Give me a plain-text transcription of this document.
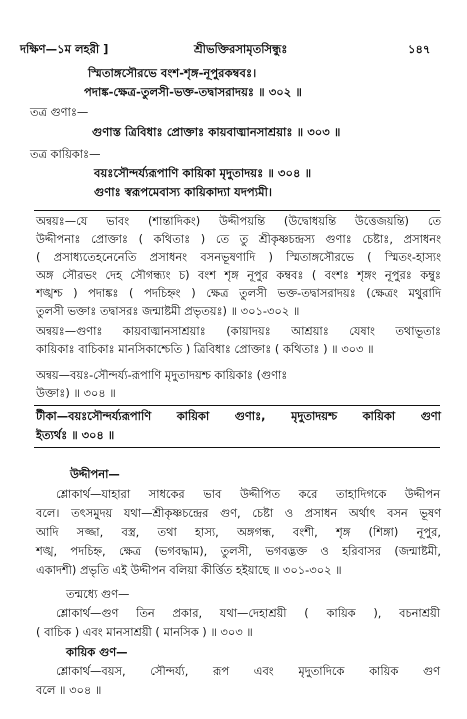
দক্ষিণ—১ম লহরী ]	শ্রীভক্তিরসামৃতসিন্ধুঃ	১৪৭
স্মিতাঙ্গসৌরভে বংশ-শৃঙ্গ-নূপুরকম্ববঃ।
পদাঙ্ক-ক্ষেত্র-তুলসী-ভক্ত-তদ্বাসরাদয়ঃ ॥ ৩০২ ॥
তত্র গুণাঃ—
গুণাস্ত ত্রিবিধাঃ প্রোক্তাঃ কায়বাঙ্মানসাশ্রয়াঃ ॥ ৩০৩ ॥
তত্র কায়িকাঃ—
বয়ঃসৌন্দর্য্যরূপাণি কায়িকা মৃদুতাদয়ঃ ॥ ৩০৪ ॥
গুণাঃ স্বরূপমেবাস্য কায়িকাদ্যা যদপ্যমী।
অন্বয়ঃ—যে ভাবং (শান্তাদিকং) উদ্দীপয়ন্তি (উদ্বোধয়ন্তি উত্তেজয়ন্তি) তে
উদ্দীপনাঃ প্রোক্তাঃ ( কথিতাঃ ) তে তু শ্রীকৃষ্ণচন্দ্রস্য গুণাঃ চেষ্টাঃ, প্রসাধনং
( প্রসাধ্যতেহনেনেতি প্রসাধনং বসনভূষণাদি ) স্মিতাঙ্গসৌরভে ( স্মিতং-হাস্যং
অঙ্গ সৌরভং দেহ সৌগন্ধ্যং চ) বংশ শৃঙ্গ নূপুর কম্ববঃ ( বংশঃ শৃঙ্গং নূপুরঃ কম্বুঃ
শঙ্খশ্চ ) পদাঙ্কঃ ( পদচিহ্নং ) ক্ষেত্র তুলসী ভক্ত-তদ্বাসরাদয়ঃ (ক্ষেত্রং মথুরাদি
তুলসী ভক্তাঃ তদ্বাসরঃ জন্মাষ্টমী প্রভৃতয়ঃ) ॥ ৩০১-৩০২ ॥
অন্বয়ঃ—গুণাঃ কায়বাঙ্মানসাশ্রয়াঃ (কায়াদয়ঃ আশ্রয়াঃ যেষাং তথাভূতাঃ
কায়িকাঃ বাচিকাঃ মানসিকাশ্চেতি ) ত্রিবিধাঃ প্রোক্তাঃ ( কথিতাঃ ) ॥ ৩০৩ ॥
অন্বয়—বয়ঃ-সৌন্দর্য্য-রূপাণি মৃদুতাদয়শ্চ কায়িকাঃ (গুণাঃ
উক্তাঃ) ॥ ৩০৪ ॥
টীকা—বয়ঃসৌন্দর্য্যরূপাণি কায়িকা গুণাঃ, মৃদুতাদয়শ্চ কায়িকা গুণা
ইত্যর্থঃ ॥ ৩০৪ ॥
উদ্দীপনা—
শ্লোকার্থ—যাহারা সাধকের ভাব উদ্দীপিত করে তাহাদিগকে উদ্দীপন
বলে। তৎসমুদয় যথা—শ্রীকৃষ্ণচন্দ্রের গুণ, চেষ্টা ও প্রসাধন অর্থাৎ বসন ভূষণ
আদি সজ্জা, বস্ত্র, তথা হাস্য, অঙ্গগন্ধ, বংশী, শৃঙ্গ (শিঙ্গা) নূপুর,
শঙ্খ, পদচিহ্ন, ক্ষেত্র (ভগবদ্ধাম), তুলসী, ভগবদ্ভক্ত ও হরিবাসর (জন্মাষ্টমী,
একাদশী) প্রভৃতি এই উদ্দীপন বলিয়া কীর্ত্তিত হইয়াছে ॥ ৩০১-৩০২ ॥
তন্মধ্যে গুণ—
শ্লোকার্থ—গুণ তিন প্রকার, যথা—দেহাশ্রয়ী ( কায়িক ), বচনাশ্রয়ী
( বাচিক ) এবং মানসাশ্রয়ী ( মানসিক ) ॥ ৩০৩ ॥
কায়িক গুণ—
শ্লোকার্থ—বয়স, সৌন্দর্য্য, রূপ এবং মৃদুতাদিকে কায়িক গুণ
বলে ॥ ৩০৪ ॥
